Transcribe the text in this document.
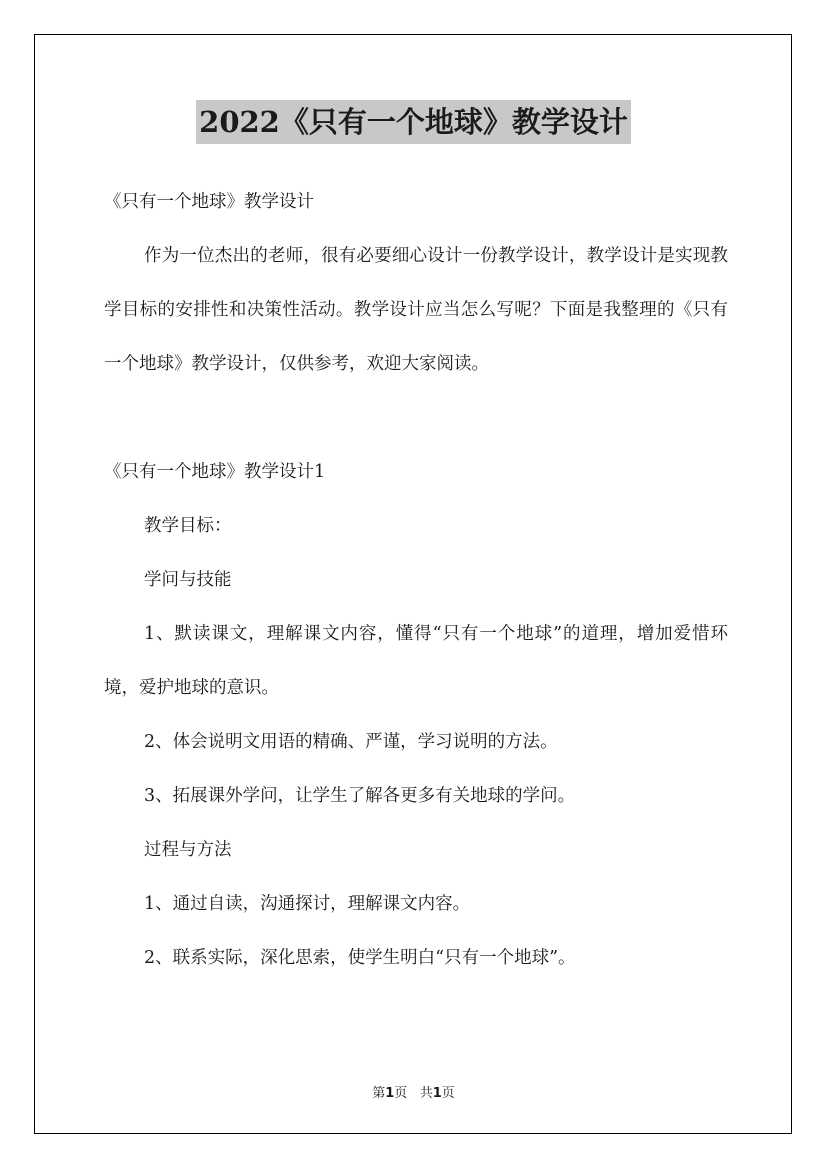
2022《只有一个地球》教学设计

《只有一个地球》教学设计

作为一位杰出的老师，很有必要细心设计一份教学设计，教学设计是实现教学目标的安排性和决策性活动。教学设计应当怎么写呢？下面是我整理的《只有一个地球》教学设计，仅供参考，欢迎大家阅读。

《只有一个地球》教学设计1

教学目标：

学问与技能

1、默读课文，理解课文内容，懂得“只有一个地球”的道理，增加爱惜环境，爱护地球的意识。

2、体会说明文用语的精确、严谨，学习说明的方法。

3、拓展课外学问，让学生了解各更多有关地球的学问。

过程与方法

1、通过自读，沟通探讨，理解课文内容。

2、联系实际，深化思索，使学生明白“只有一个地球”。

第1页 共1页
